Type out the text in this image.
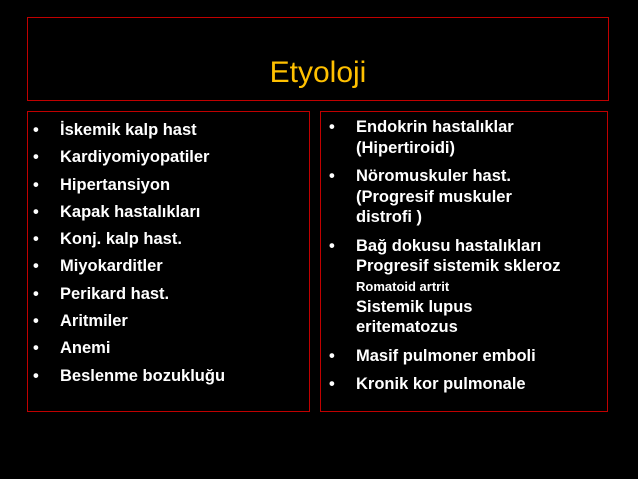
Etyoloji
• İskemik kalp hast
• Kardiyomiyopatiler
• Hipertansiyon
• Kapak hastalıkları
• Konj. kalp hast.
• Miyokarditler
• Perikard hast.
• Aritmiler
• Anemi
• Beslenme bozukluğu
• Endokrin hastalıklar
(Hipertiroidi)
• Nöromuskuler hast.
(Progresif muskuler
distrofi )
• Bağ dokusu hastalıkları
Progresif sistemik skleroz
Romatoid artrit
Sistemik lupus
eritematozus
• Masif pulmoner emboli
• Kronik kor pulmonale
